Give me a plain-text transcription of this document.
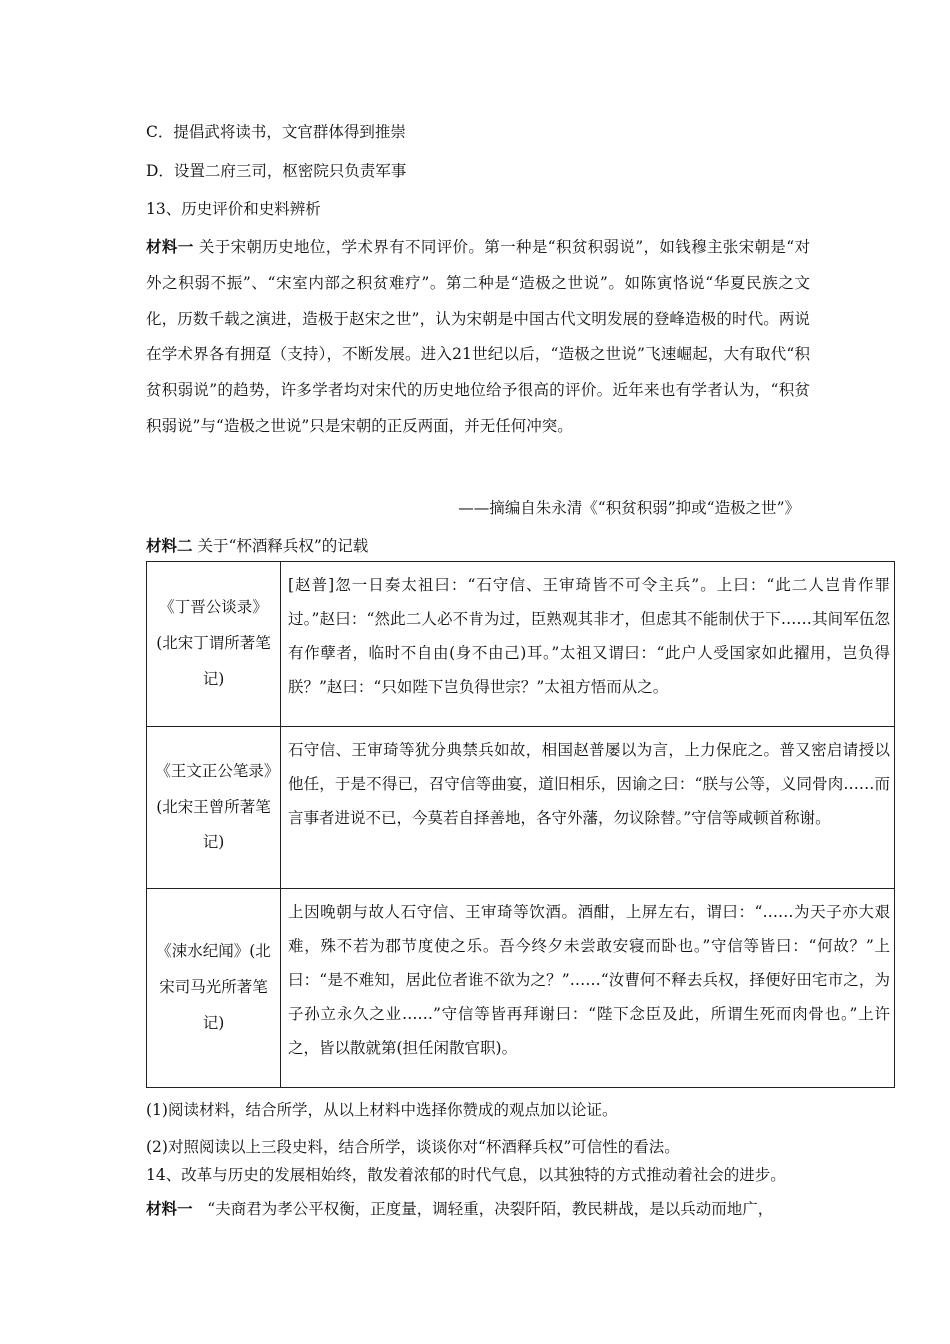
C．提倡武将读书，文官群体得到推崇
D．设置二府三司，枢密院只负责军事
13、历史评价和史料辨析
材料一 关于宋朝历史地位，学术界有不同评价。第一种是“积贫积弱说”，如钱穆主张宋朝是“对外之积弱不振”、“宋室内部之积贫难疗”。第二种是“造极之世说”。如陈寅恪说“华夏民族之文化，历数千载之演进，造极于赵宋之世”，认为宋朝是中国古代文明发展的登峰造极的时代。两说在学术界各有拥趸（支持），不断发展。进入21世纪以后，“造极之世说”飞速崛起，大有取代“积贫积弱说”的趋势，许多学者均对宋代的历史地位给予很高的评价。近年来也有学者认为，“积贫积弱说”与“造极之世说”只是宋朝的正反两面，并无任何冲突。
——摘编自朱永清《“积贫积弱”抑或“造极之世”》
材料二 关于“杯酒释兵权”的记载
《丁晋公谈录》(北宋丁谓所著笔记)	[赵普]忽一日奏太祖曰：“石守信、王审琦皆不可令主兵”。上曰：“此二人岂肯作罪过。”赵曰：“然此二人必不肯为过，臣熟观其非才，但虑其不能制伏于下……其间军伍忽有作孽者，临时不自由(身不由己)耳。”太祖又谓曰：“此户人受国家如此擢用，岂负得朕？”赵曰：“只如陛下岂负得世宗？”太祖方悟而从之。

《王文正公笔录》(北宋王曾所著笔记)	石守信、王审琦等犹分典禁兵如故，相国赵普屡以为言，上力保庇之。普又密启请授以他任，于是不得已，召守信等曲宴，道旧相乐，因谕之曰：“朕与公等，义同骨肉……而言事者进说不已，今莫若自择善地，各守外藩，勿议除替。”守信等咸顿首称谢。

《涑水纪闻》(北宋司马光所著笔记)	上因晚朝与故人石守信、王审琦等饮酒。酒酣，上屏左右，谓曰：“……为天子亦大艰难，殊不若为郡节度使之乐。吾今终夕未尝敢安寝而卧也。”守信等皆曰：“何故？”上曰：“是不难知，居此位者谁不欲为之？”……“汝曹何不释去兵权，择便好田宅市之，为子孙立永久之业……”守信等皆再拜谢曰：“陛下念臣及此，所谓生死而肉骨也。”上许之，皆以散就第(担任闲散官职)。
(1)阅读材料，结合所学，从以上材料中选择你赞成的观点加以论证。
(2)对照阅读以上三段史料，结合所学，谈谈你对“杯酒释兵权”可信性的看法。
14、改革与历史的发展相始终，散发着浓郁的时代气息，以其独特的方式推动着社会的进步。
材料一   “夫商君为孝公平权衡，正度量，调轻重，决裂阡陌，教民耕战，是以兵动而地广，
